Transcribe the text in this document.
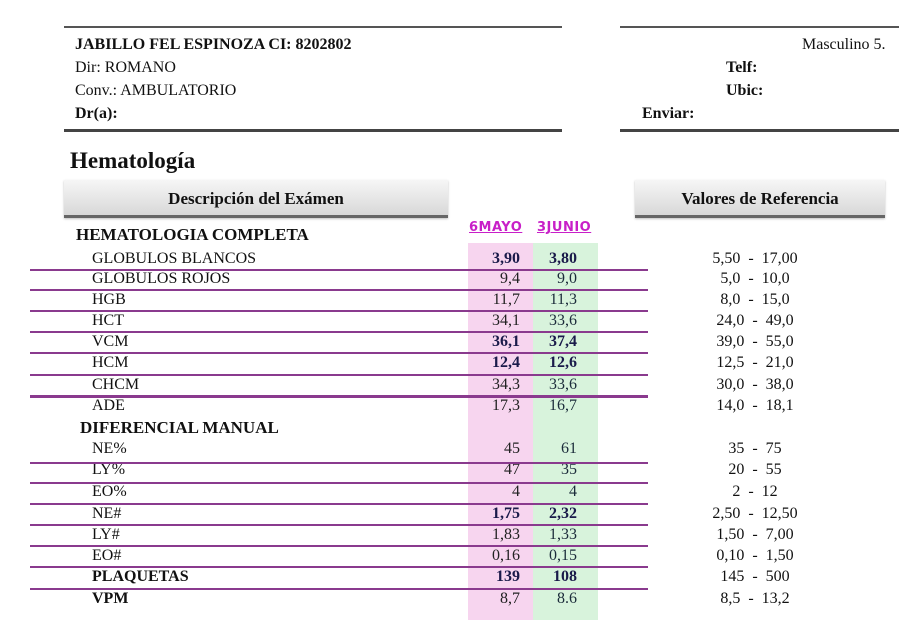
JABILLO FEL ESPINOZA CI: 8202802
Dir: ROMANO
Conv.: AMBULATORIO
Dr(a):
Masculino 5.
Telf:
Ubic:
Enviar:
Hematología
Descripción del Exámen	Valores de Referencia
6MAYO 3JUNIO
HEMATOLOGIA COMPLETA
DIFERENCIAL MANUAL
GLOBULOS BLANCOS	3,90	3,80	5,50  -  17,00
GLOBULOS ROJOS	9,4	9,0	5,0  -  10,0
HGB	11,7	11,3	8,0  -  15,0
HCT	34,1	33,6	24,0  -  49,0
VCM	36,1	37,4	39,0  -  55,0
HCM	12,4	12,6	12,5  -  21,0
CHCM	34,3	33,6	30,0  -  38,0
ADE	17,3	16,7	14,0  -  18,1
NE%	45	61	35  -  75
LY%	47	35	20  -  55
EO%	4	4	2  -  12
NE#	1,75	2,32	2,50  -  12,50
LY#	1,83	1,33	1,50  -  7,00
EO#	0,16	0,15	0,10  -  1,50
PLAQUETAS	139	108	145  -  500
VPM	8,7	8.6	8,5  -  13,2
